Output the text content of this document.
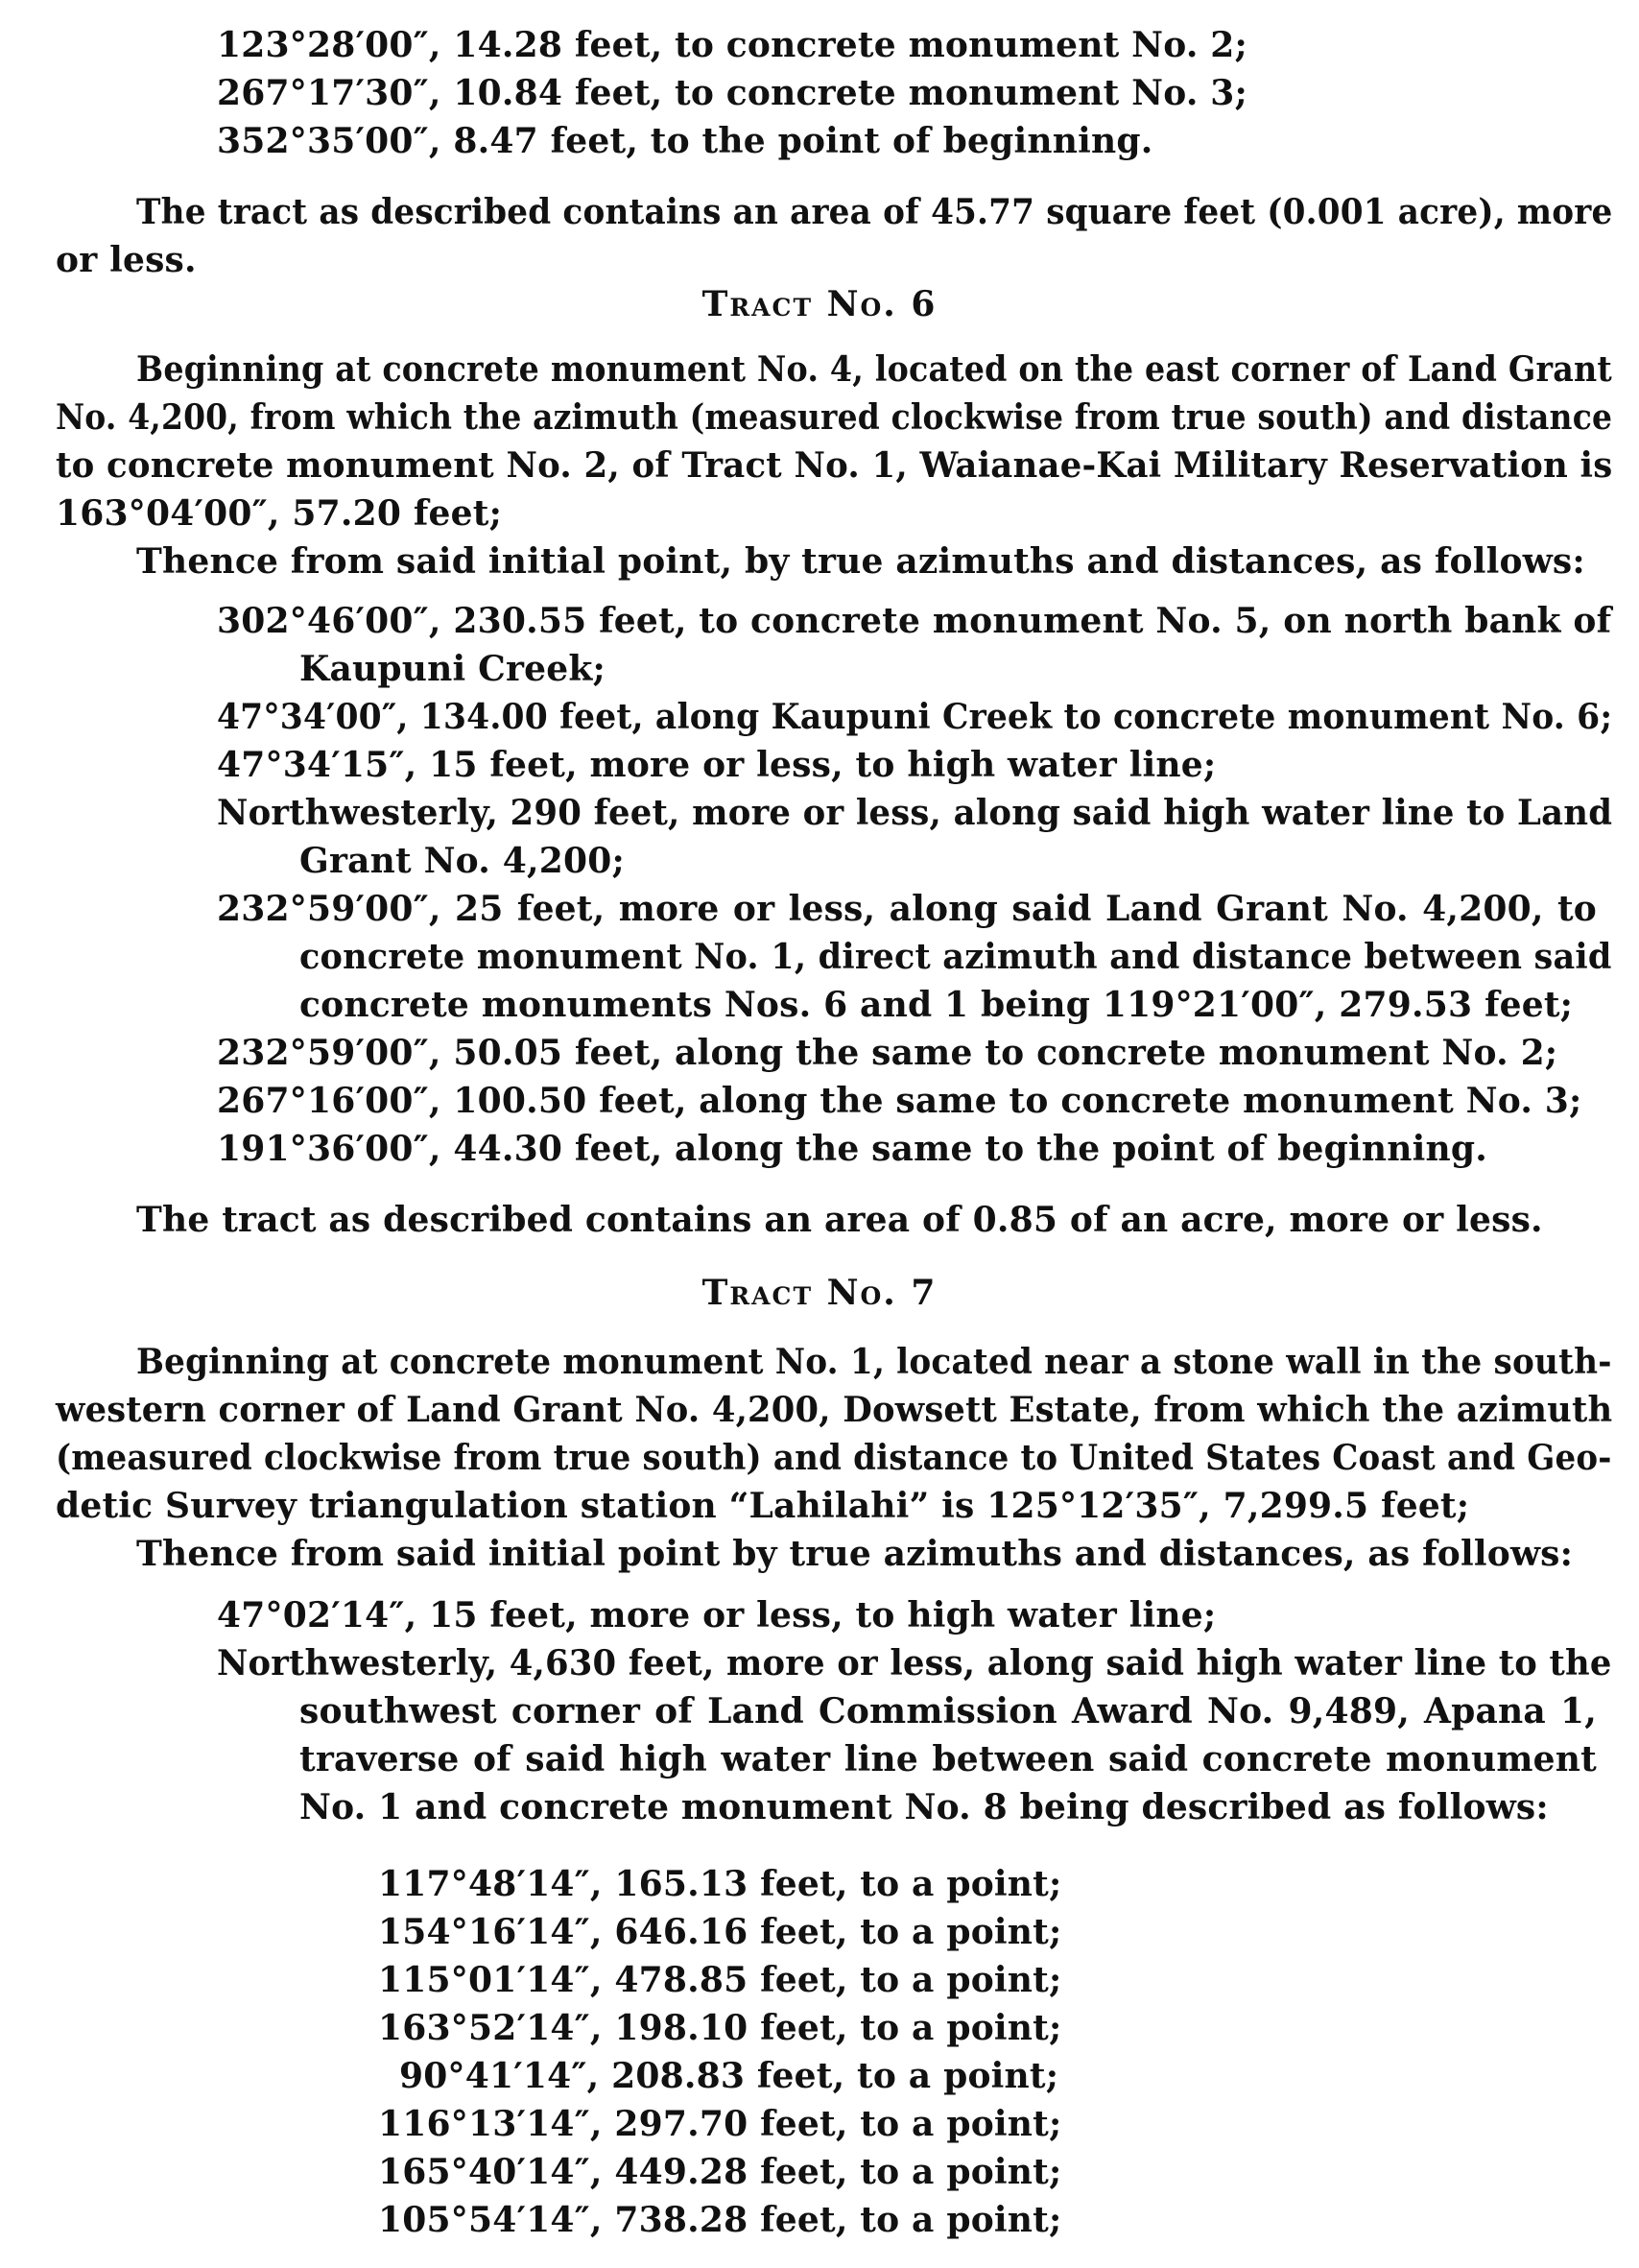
123°28′00″, 14.28 feet, to concrete monument No. 2;
267°17′30″, 10.84 feet, to concrete monument No. 3;
352°35′00″, 8.47 feet, to the point of beginning.
The tract as described contains an area of 45.77 square feet (0.001 acre), more
or less.
Tract No. 6
Beginning at concrete monument No. 4, located on the east corner of Land Grant
No. 4,200, from which the azimuth (measured clockwise from true south) and distance
to concrete monument No. 2, of Tract No. 1, Waianae-Kai Military Reservation is
163°04′00″, 57.20 feet;
Thence from said initial point, by true azimuths and distances, as follows:
302°46′00″, 230.55 feet, to concrete monument No. 5, on north bank of
Kaupuni Creek;
47°34′00″, 134.00 feet, along Kaupuni Creek to concrete monument No. 6;
47°34′15″, 15 feet, more or less, to high water line;
Northwesterly, 290 feet, more or less, along said high water line to Land
Grant No. 4,200;
232°59′00″, 25 feet, more or less, along said Land Grant No. 4,200, to
concrete monument No. 1, direct azimuth and distance between said
concrete monuments Nos. 6 and 1 being 119°21′00″, 279.53 feet;
232°59′00″, 50.05 feet, along the same to concrete monument No. 2;
267°16′00″, 100.50 feet, along the same to concrete monument No. 3;
191°36′00″, 44.30 feet, along the same to the point of beginning.
The tract as described contains an area of 0.85 of an acre, more or less.
Tract No. 7
Beginning at concrete monument No. 1, located near a stone wall in the south-
western corner of Land Grant No. 4,200, Dowsett Estate, from which the azimuth
(measured clockwise from true south) and distance to United States Coast and Geo-
detic Survey triangulation station “Lahilahi” is 125°12′35″, 7,299.5 feet;
Thence from said initial point by true azimuths and distances, as follows:
47°02′14″, 15 feet, more or less, to high water line;
Northwesterly, 4,630 feet, more or less, along said high water line to the
southwest corner of Land Commission Award No. 9,489, Apana 1,
traverse of said high water line between said concrete monument
No. 1 and concrete monument No. 8 being described as follows:
117°48′14″, 165.13 feet, to a point;
154°16′14″, 646.16 feet, to a point;
115°01′14″, 478.85 feet, to a point;
163°52′14″, 198.10 feet, to a point;
90°41′14″, 208.83 feet, to a point;
116°13′14″, 297.70 feet, to a point;
165°40′14″, 449.28 feet, to a point;
105°54′14″, 738.28 feet, to a point;
